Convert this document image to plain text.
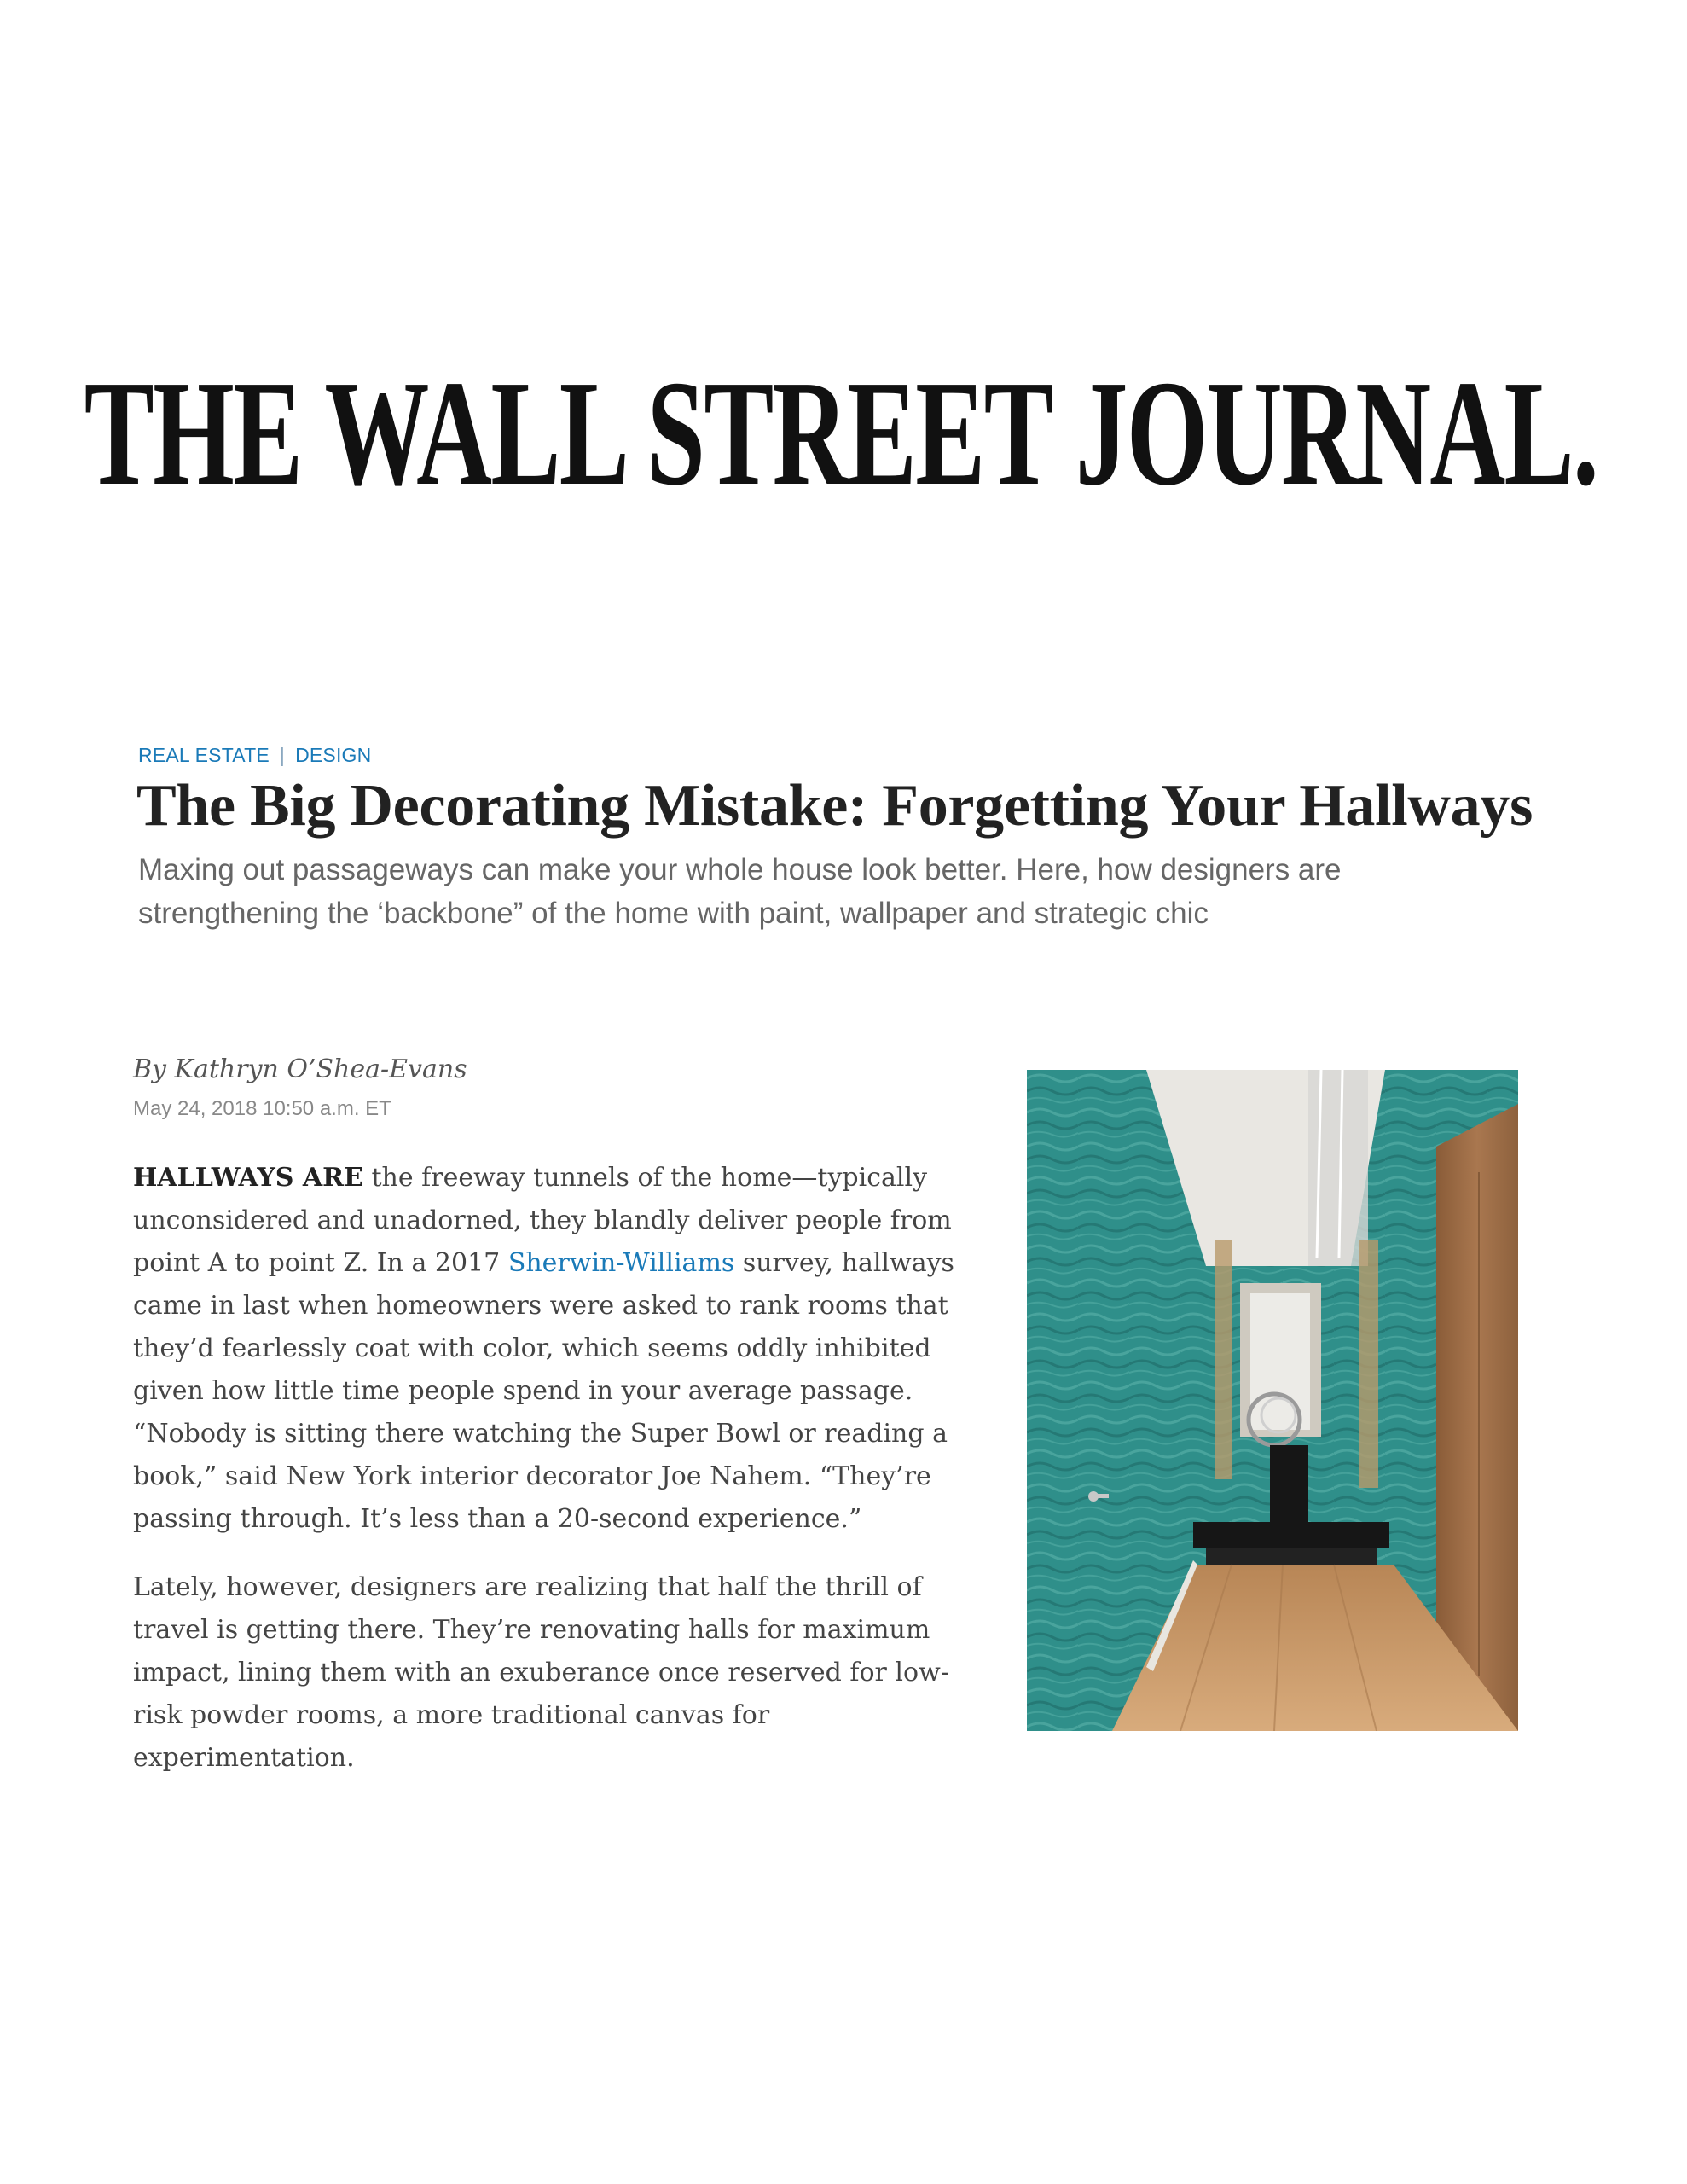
THE WALL STREET JOURNAL.
REAL ESTATE | DESIGN
The Big Decorating Mistake: Forgetting Your Hallways

Maxing out passageways can make your whole house look better. Here, how designers are strengthening the ‘backbone” of the home with paint, wallpaper and strategic chic

By Kathryn O’Shea-Evans
May 24, 2018 10:50 a.m. ET

HALLWAYS ARE the freeway tunnels of the home—typically unconsidered and unadorned, they blandly deliver people from point A to point Z. In a 2017 Sherwin-Williams survey, hallways came in last when homeowners were asked to rank rooms that they’d fearlessly coat with color, which seems oddly inhibited given how little time people spend in your average passage. “Nobody is sitting there watching the Super Bowl or reading a book,” said New York interior decorator Joe Nahem. “They’re passing through. It’s less than a 20-second experience.”

Lately, however, designers are realizing that half the thrill of travel is getting there. They’re renovating halls for maximum impact, lining them with an exuberance once reserved for low-risk powder rooms, a more traditional canvas for experimentation.
